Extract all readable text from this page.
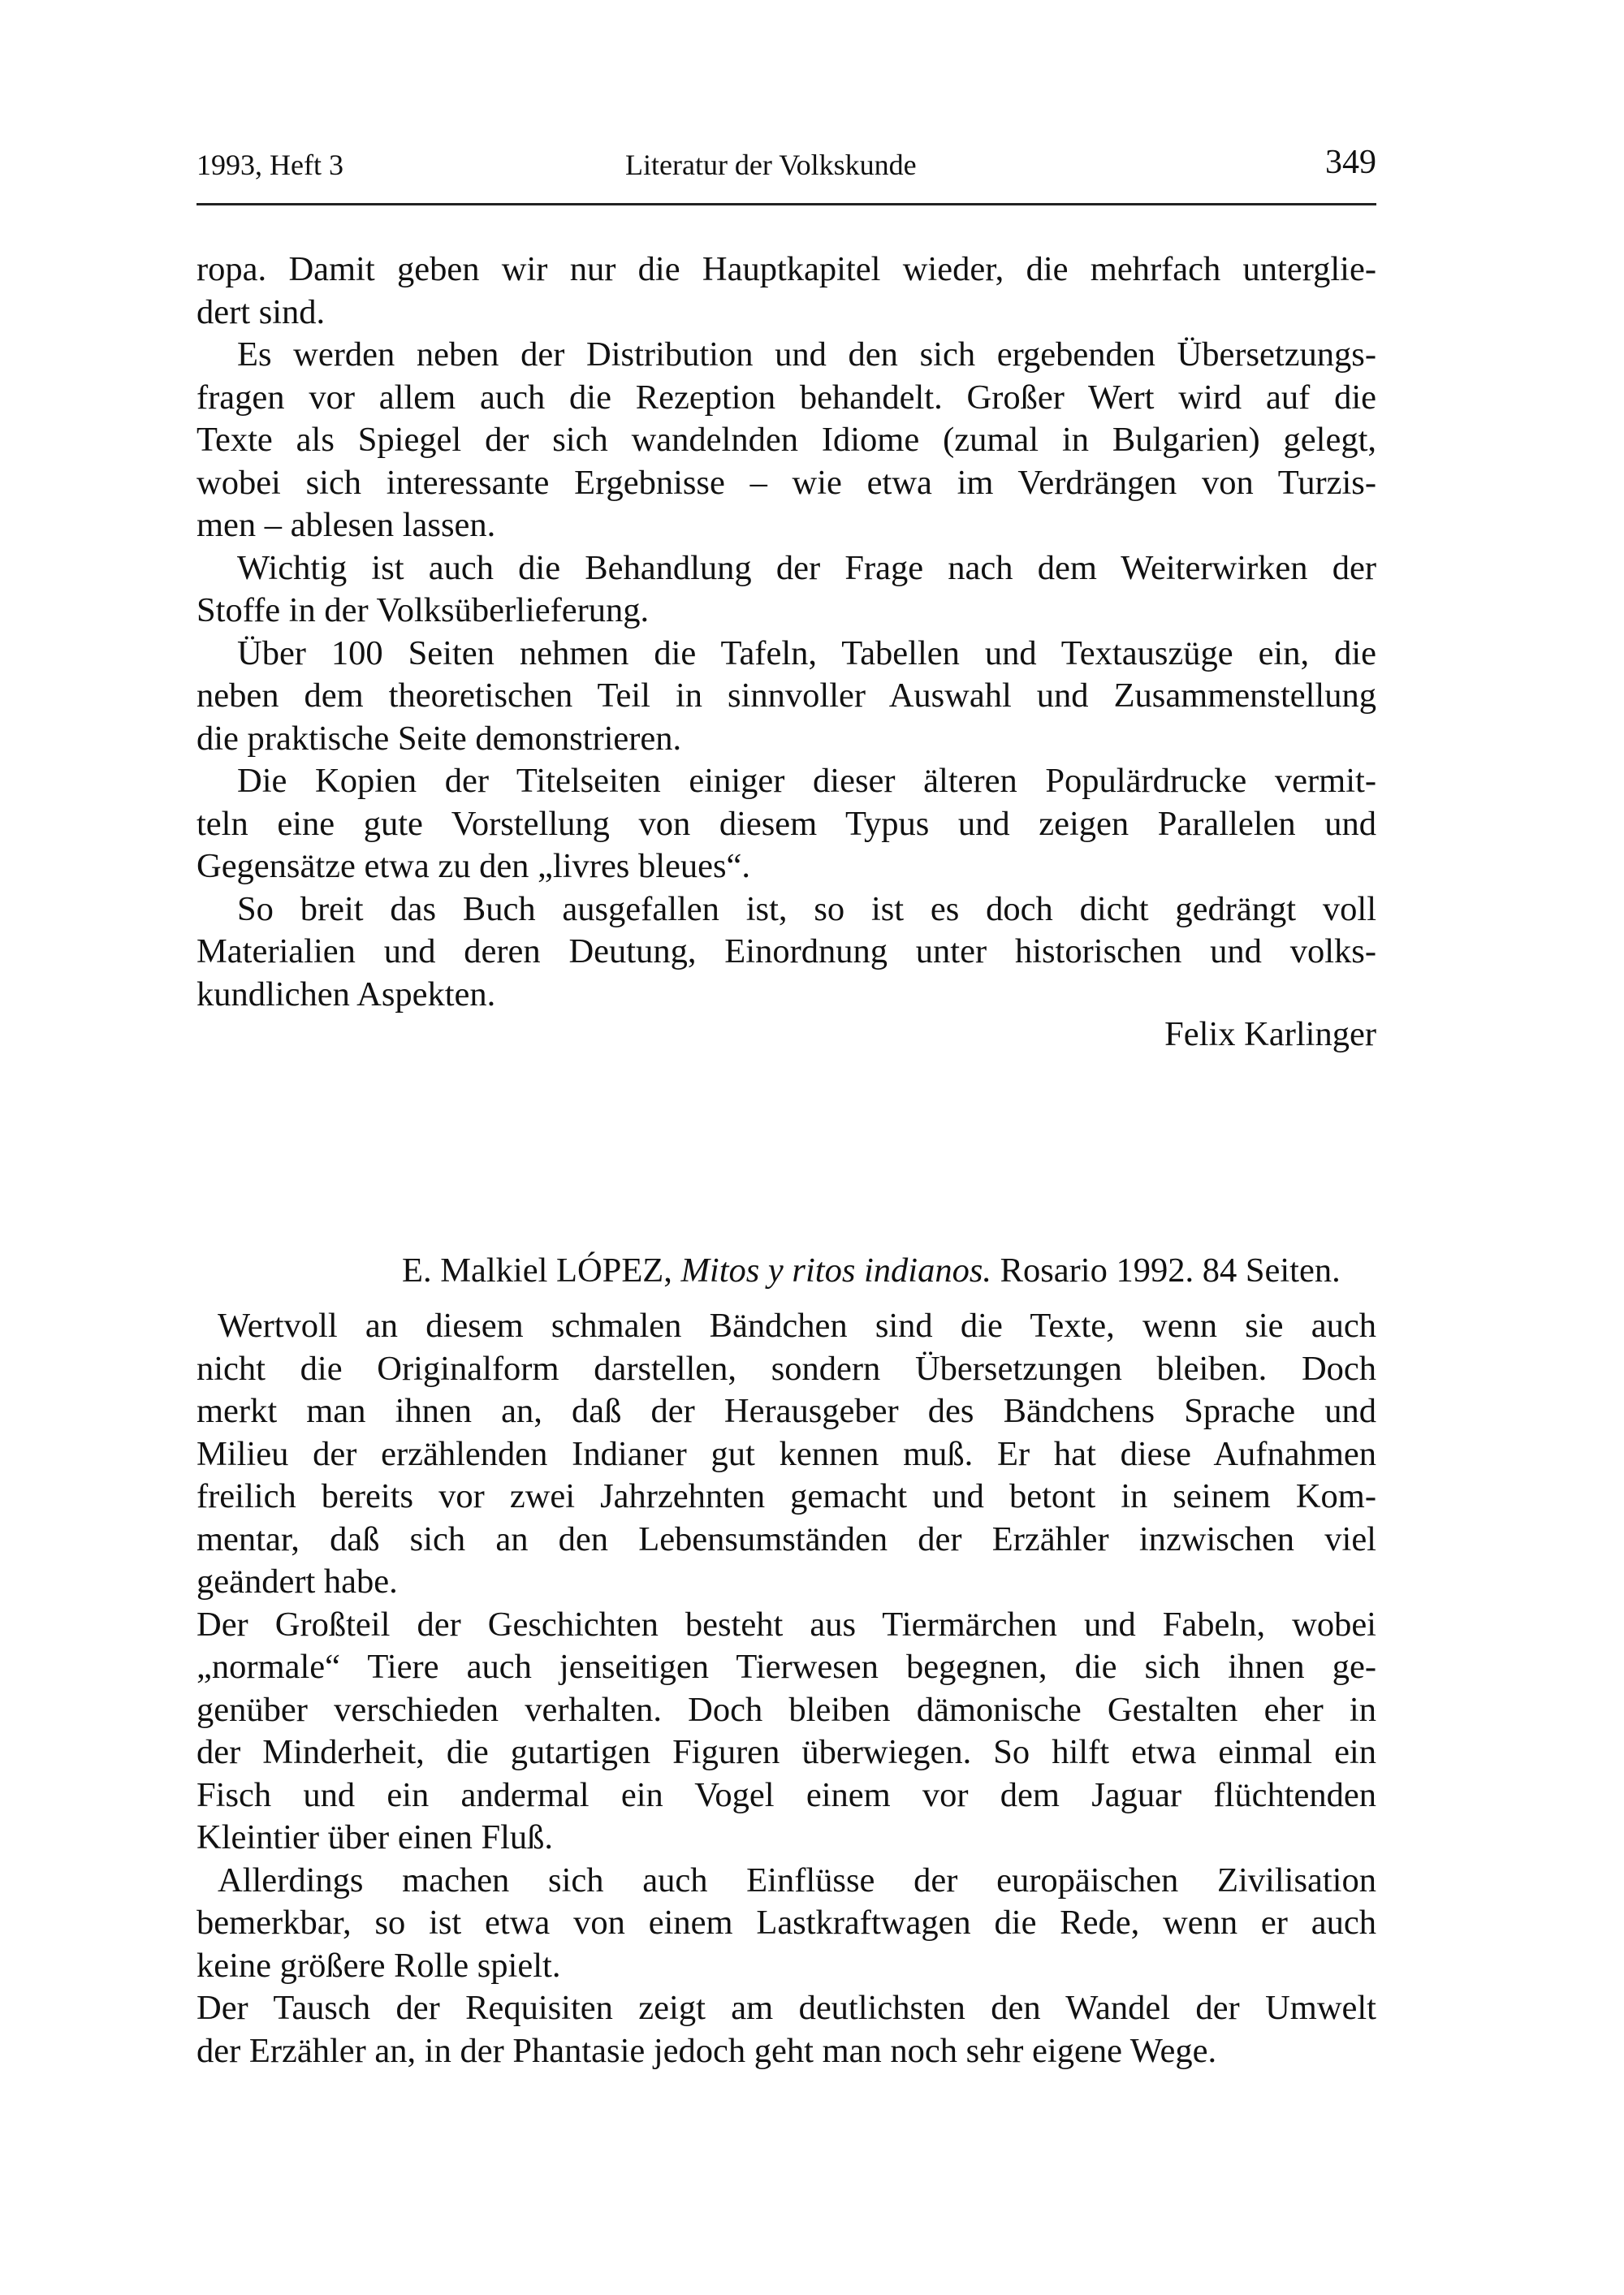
1993, Heft 3	Literatur der Volkskunde	349
ropa. Damit geben wir nur die Hauptkapitel wieder, die mehrfach unterglie-
dert sind.
Es werden neben der Distribution und den sich ergebenden Übersetzungs-
fragen vor allem auch die Rezeption behandelt. Großer Wert wird auf die
Texte als Spiegel der sich wandelnden Idiome (zumal in Bulgarien) gelegt,
wobei sich interessante Ergebnisse – wie etwa im Verdrängen von Turzis-
men – ablesen lassen.
Wichtig ist auch die Behandlung der Frage nach dem Weiterwirken der
Stoffe in der Volksüberlieferung.
Über 100 Seiten nehmen die Tafeln, Tabellen und Textauszüge ein, die
neben dem theoretischen Teil in sinnvoller Auswahl und Zusammenstellung
die praktische Seite demonstrieren.
Die Kopien der Titelseiten einiger dieser älteren Populärdrucke vermit-
teln eine gute Vorstellung von diesem Typus und zeigen Parallelen und
Gegensätze etwa zu den „livres bleues“.
So breit das Buch ausgefallen ist, so ist es doch dicht gedrängt voll
Materialien und deren Deutung, Einordnung unter historischen und volks-
kundlichen Aspekten.
Felix Karlinger
E. Malkiel LÓPEZ, Mitos y ritos indianos. Rosario 1992. 84 Seiten.
Wertvoll an diesem schmalen Bändchen sind die Texte, wenn sie auch
nicht die Originalform darstellen, sondern Übersetzungen bleiben. Doch
merkt man ihnen an, daß der Herausgeber des Bändchens Sprache und
Milieu der erzählenden Indianer gut kennen muß. Er hat diese Aufnahmen
freilich bereits vor zwei Jahrzehnten gemacht und betont in seinem Kom-
mentar, daß sich an den Lebensumständen der Erzähler inzwischen viel
geändert habe.
Der Großteil der Geschichten besteht aus Tiermärchen und Fabeln, wobei
„normale“ Tiere auch jenseitigen Tierwesen begegnen, die sich ihnen ge-
genüber verschieden verhalten. Doch bleiben dämonische Gestalten eher in
der Minderheit, die gutartigen Figuren überwiegen. So hilft etwa einmal ein
Fisch und ein andermal ein Vogel einem vor dem Jaguar flüchtenden
Kleintier über einen Fluß.
Allerdings machen sich auch Einflüsse der europäischen Zivilisation
bemerkbar, so ist etwa von einem Lastkraftwagen die Rede, wenn er auch
keine größere Rolle spielt.
Der Tausch der Requisiten zeigt am deutlichsten den Wandel der Umwelt
der Erzähler an, in der Phantasie jedoch geht man noch sehr eigene Wege.
